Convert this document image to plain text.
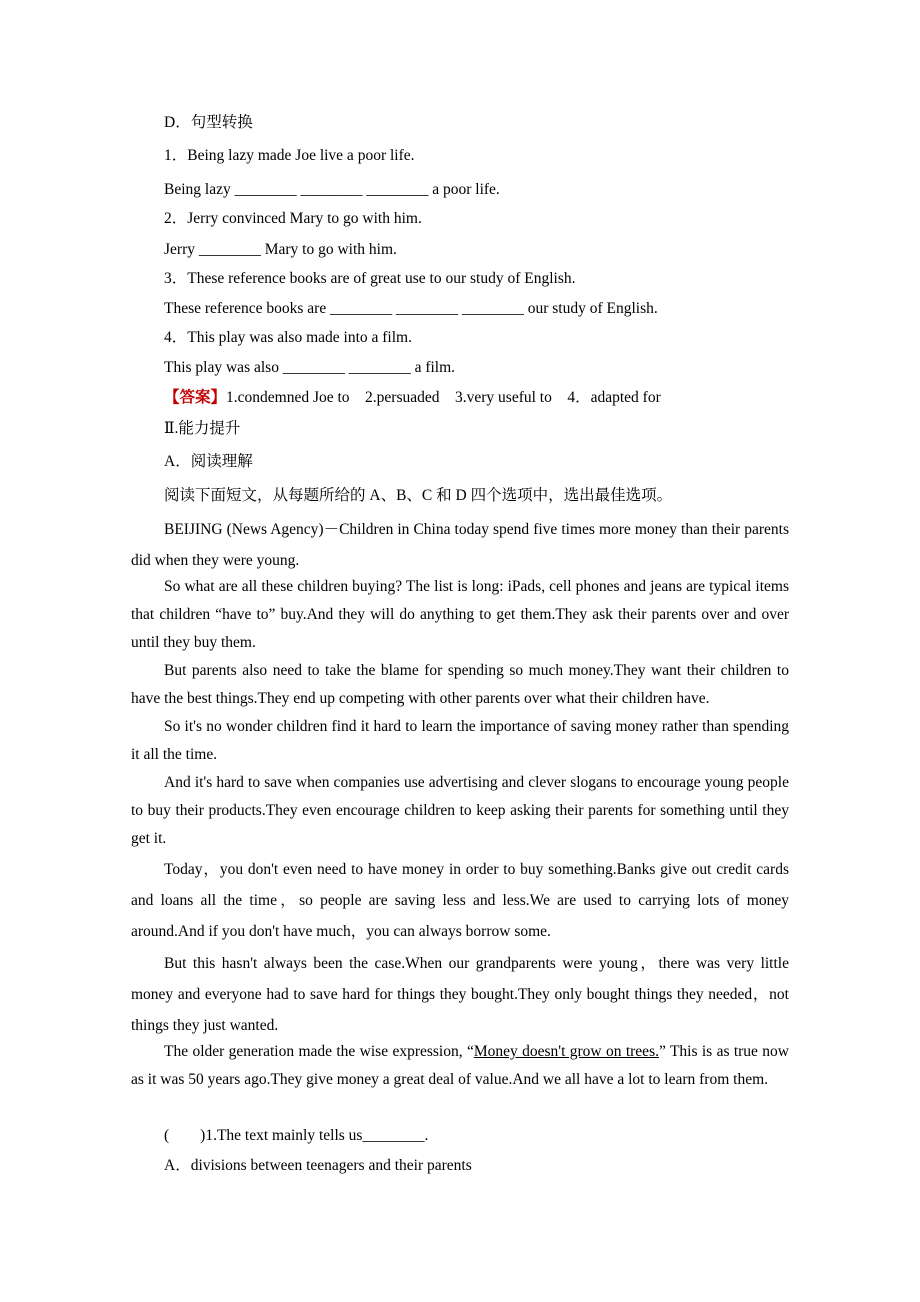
D．句型转换
1．Being lazy made Joe live a poor life.
Being lazy ________ ________ ________ a poor life.
2．Jerry convinced Mary to go with him.
Jerry ________ Mary to go with him.
3．These reference books are of great use to our study of English.
These reference books are ________ ________ ________ our study of English.
4．This play was also made into a film.
This play was also ________ ________ a film.
【答案】1.condemned Joe to　2.persuaded　3.very useful to　4．adapted for
Ⅱ.能力提升
A．阅读理解
阅读下面短文，从每题所给的 A、B、C 和 D 四个选项中，选出最佳选项。
BEIJING (News Agency)－Children in China today spend five times more money than their parents did when they were young.
So what are all these children buying? The list is long: iPads, cell phones and jeans are typical items that children “have to” buy.And they will do anything to get them.They ask their parents over and over until they buy them.
But parents also need to take the blame for spending so much money.They want their children to have the best things.They end up competing with other parents over what their children have.
So it's no wonder children find it hard to learn the importance of saving money rather than spending it all the time.
And it's hard to save when companies use advertising and clever slogans to encourage young people to buy their products.They even encourage children to keep asking their parents for something until they get it.
Today，you don't even need to have money in order to buy something.Banks give out credit cards and loans all the time，so people are saving less and less.We are used to carrying lots of money around.And if you don't have much，you can always borrow some.
But this hasn't always been the case.When our grandparents were young，there was very little money and everyone had to save hard for things they bought.They only bought things they needed，not things they just wanted.
The older generation made the wise expression, “Money doesn't grow on trees.” This is as true now as it was 50 years ago.They give money a great deal of value.And we all have a lot to learn from them.
(　　)1.The text mainly tells us________.
A．divisions between teenagers and their parents
